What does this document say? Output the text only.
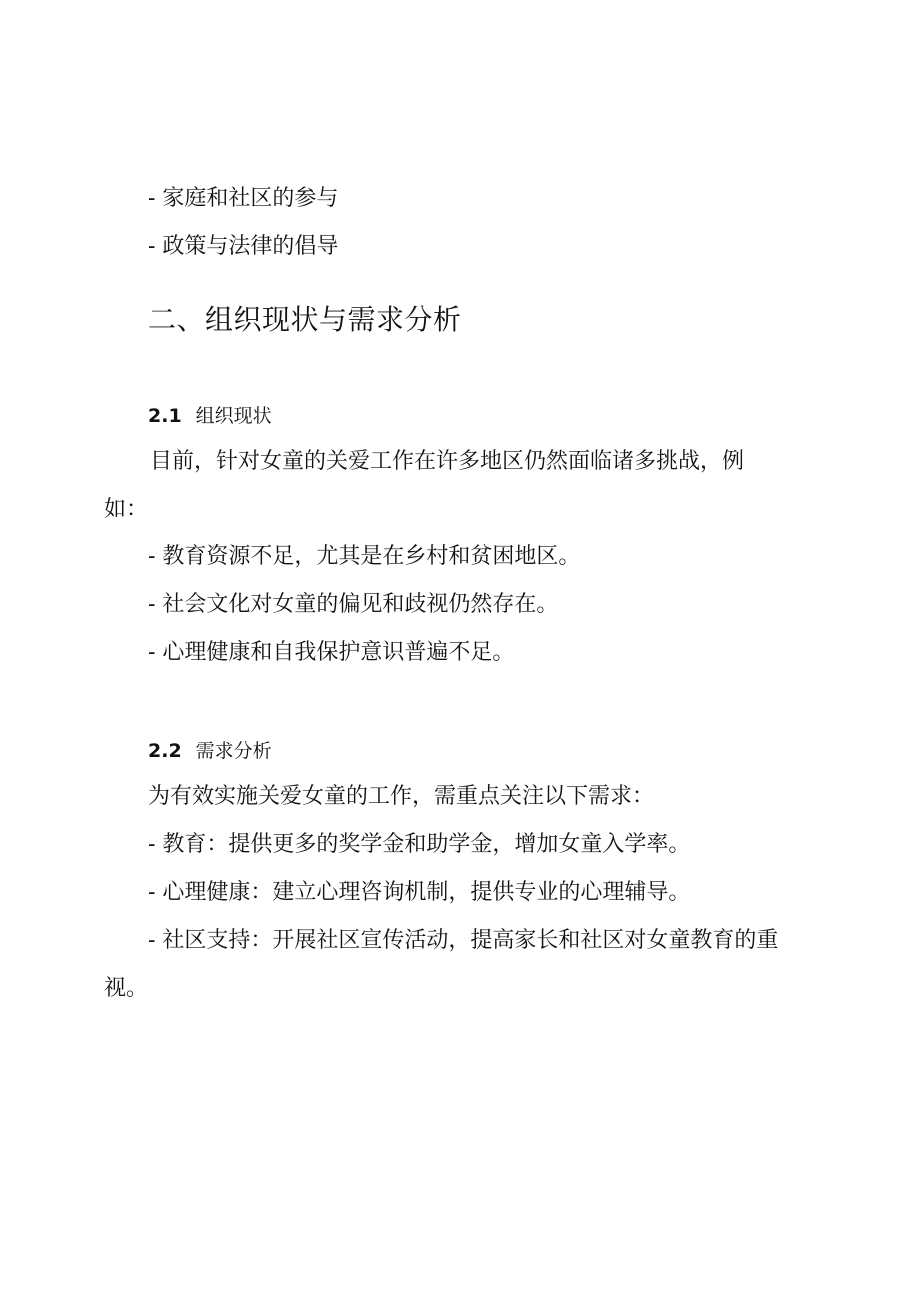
- 家庭和社区的参与
- 政策与法律的倡导
二、组织现状与需求分析
2.1 组织现状
目前，针对女童的关爱工作在许多地区仍然面临诸多挑战，例
如：
- 教育资源不足，尤其是在乡村和贫困地区。
- 社会文化对女童的偏见和歧视仍然存在。
- 心理健康和自我保护意识普遍不足。
2.2 需求分析
为有效实施关爱女童的工作，需重点关注以下需求：
- 教育：提供更多的奖学金和助学金，增加女童入学率。
- 心理健康：建立心理咨询机制，提供专业的心理辅导。
- 社区支持：开展社区宣传活动，提高家长和社区对女童教育的重
视。
